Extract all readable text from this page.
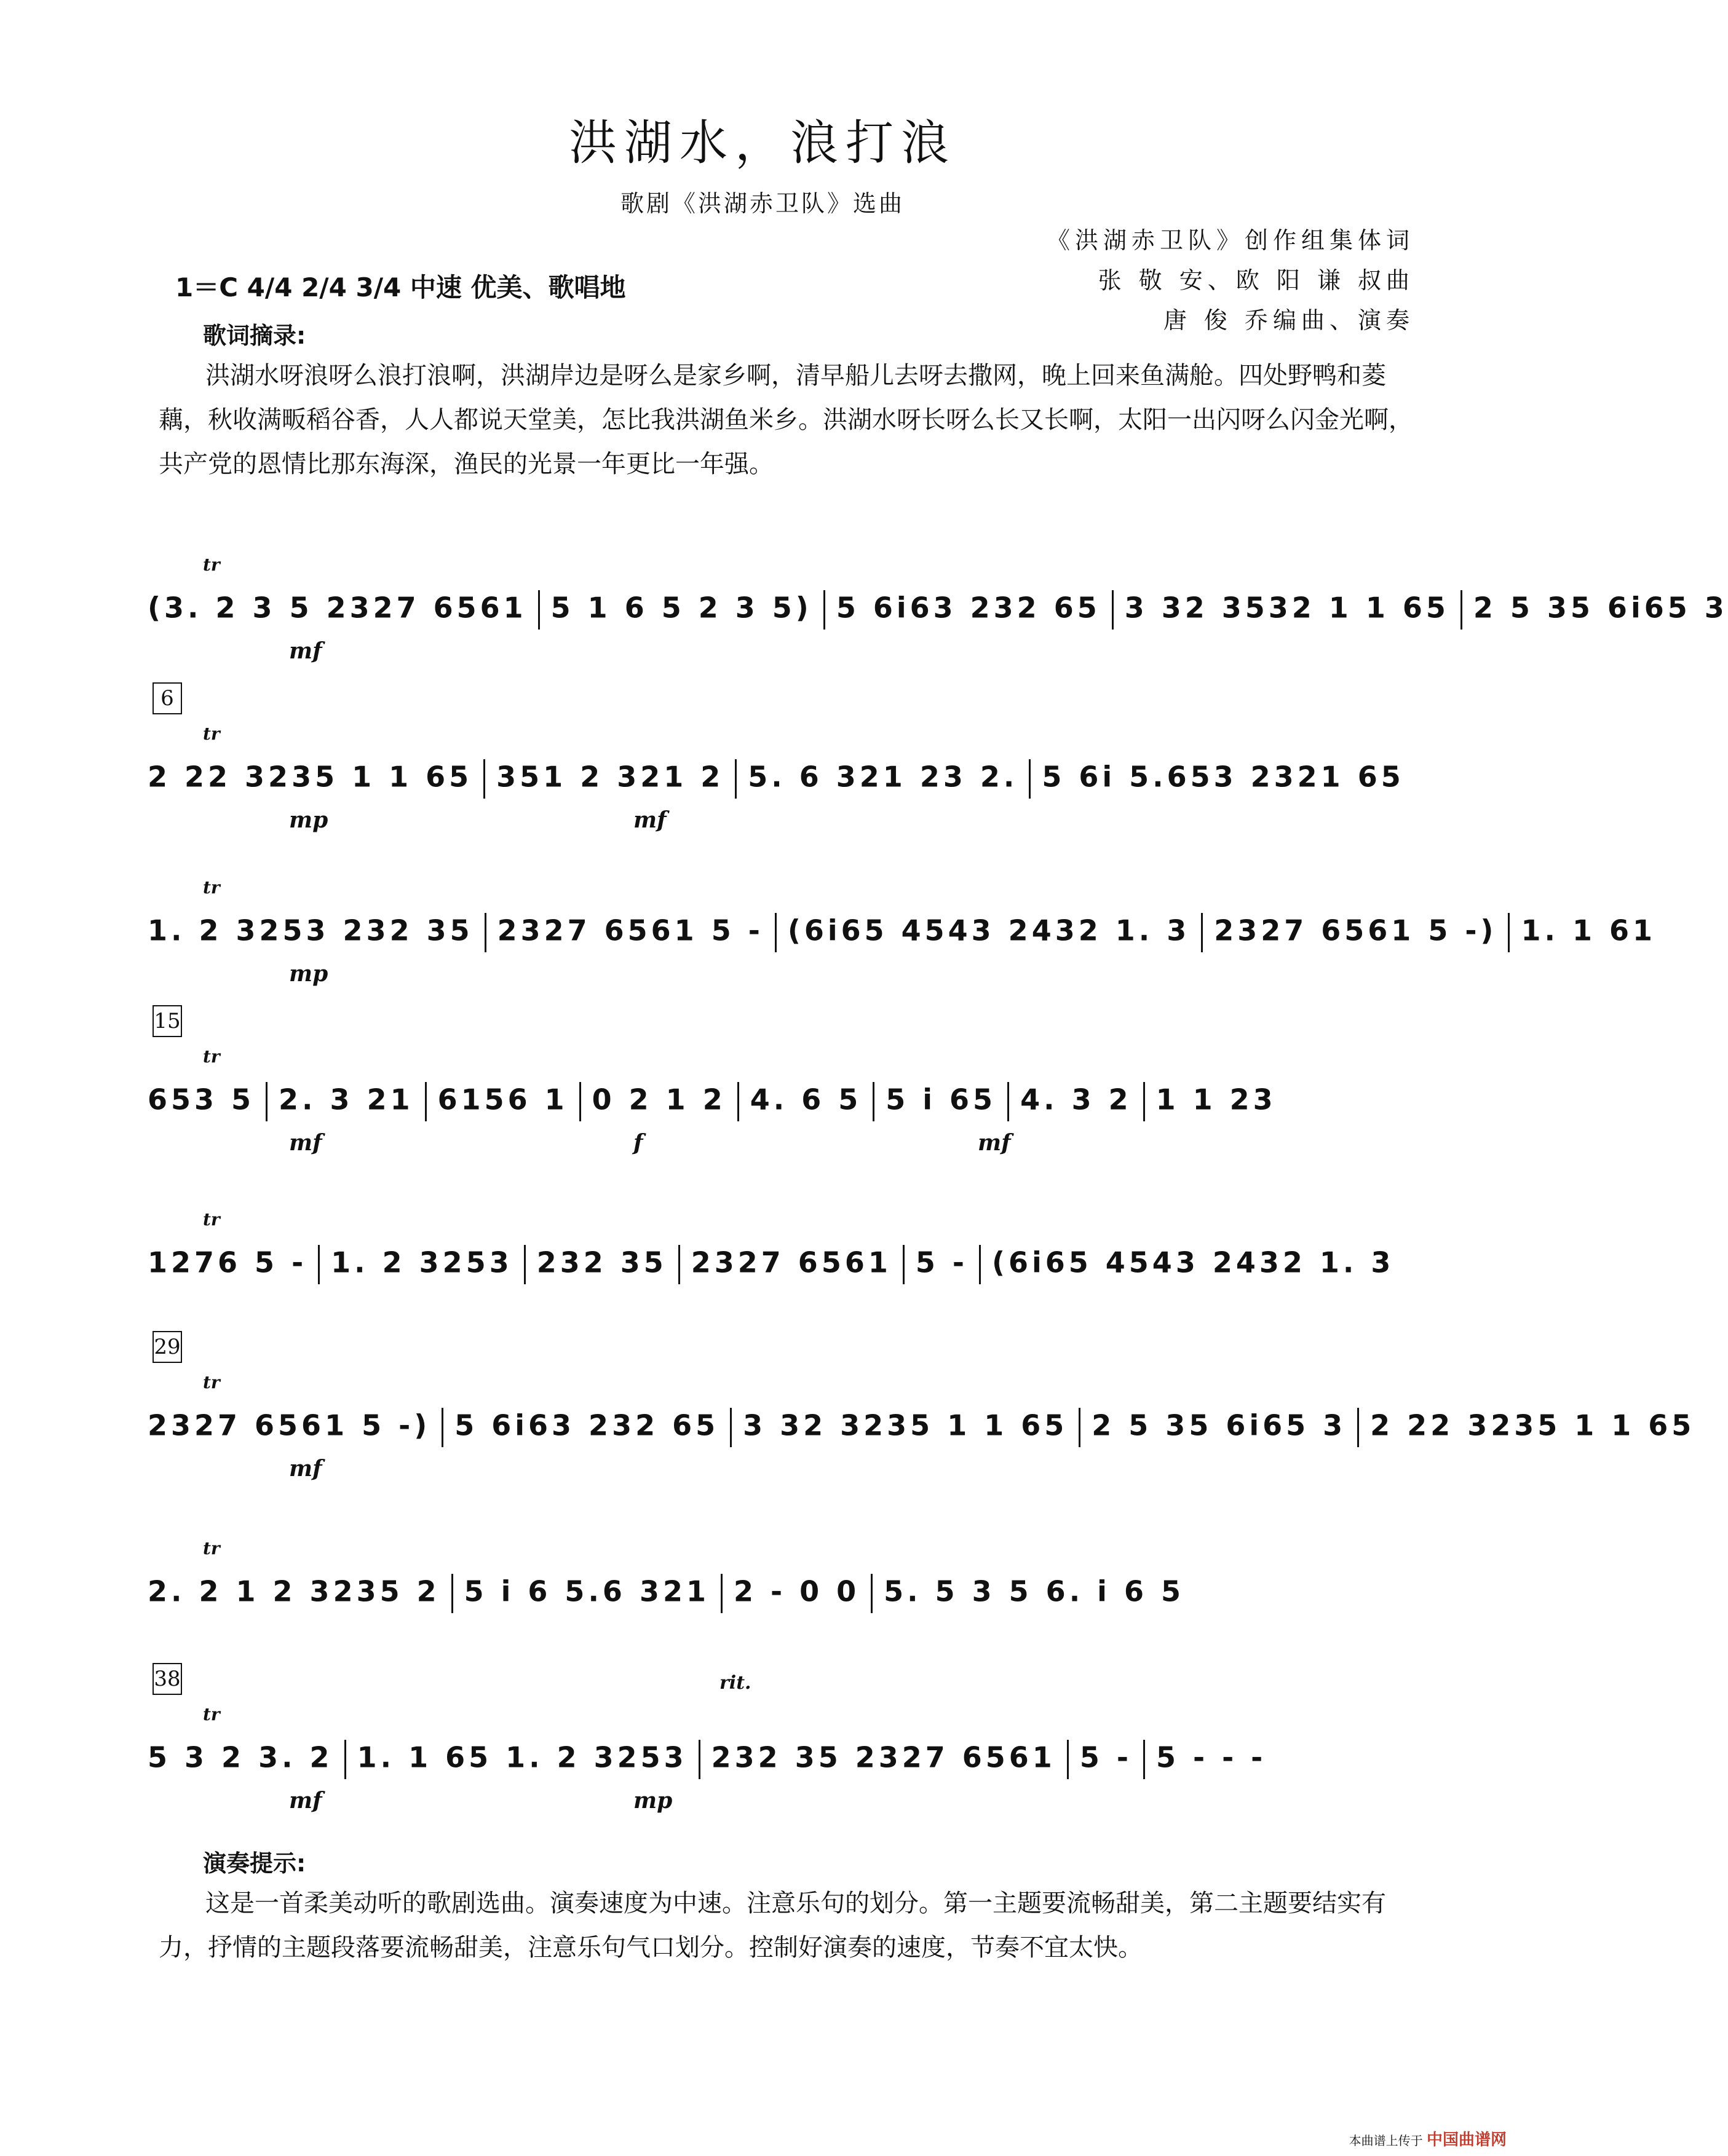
洪湖水，浪打浪
歌剧《洪湖赤卫队》选曲
《洪湖赤卫队》创作组集体词
张 敬 安、欧 阳 谦 叔曲
唐 俊 乔编曲、演奏
1＝C 4/4 2/4 3/4 中速 优美、歌唱地
歌词摘录:
洪湖水呀浪呀么浪打浪啊，洪湖岸边是呀么是家乡啊，清早船儿去呀去撒网，晚上回来鱼满舱。四处野鸭和菱藕，秋收满畈稻谷香，人人都说天堂美，怎比我洪湖鱼米乡。洪湖水呀长呀么长又长啊，太阳一出闪呀么闪金光啊，共产党的恩情比那东海深，渔民的光景一年更比一年强。
tr
(3. 2 3 5 2327 6561 5 1 6 5 2 3 5) 5 6i63 232 65 3 32 3532 1 1 65 2 5 35 6i65 3
mf
6
tr
2 22 3235 1 1 65 351 2 321 2 5. 6 321 23 2. 5 6i 5.653 2321 65
mp	mf
tr
1. 2 3253 232 35 2327 6561 5 - (6i65 4543 2432 1. 3 2327 6561 5 -) 1. 1 61
mp
15
tr
653 5 2. 3 21 6156 1 0 2 1 2 4. 6 5 5 i 65 4. 3 2 1 1 23
mf	f	mf
tr
1276 5 - 1. 2 3253 232 35 2327 6561 5 - (6i65 4543 2432 1. 3
29
tr
2327 6561 5 -) 5 6i63 232 65 3 32 3235 1 1 65 2 5 35 6i65 3 2 22 3235 1 1 65
mf
tr
2. 2 1 2 3235 2 5 i 6 5.6 321 2 - 0 0 5. 5 3 5 6. i 6 5
38
tr
5 3 2 3. 2 1. 1 65 1. 2 3253 232 35 2327 6561 5 - 5 - - -
mf	mp
rit.
演奏提示:
这是一首柔美动听的歌剧选曲。演奏速度为中速。注意乐句的划分。第一主题要流畅甜美，第二主题要结实有力，抒情的主题段落要流畅甜美，注意乐句气口划分。控制好演奏的速度，节奏不宜太快。
本曲谱上传于 中国曲谱网
